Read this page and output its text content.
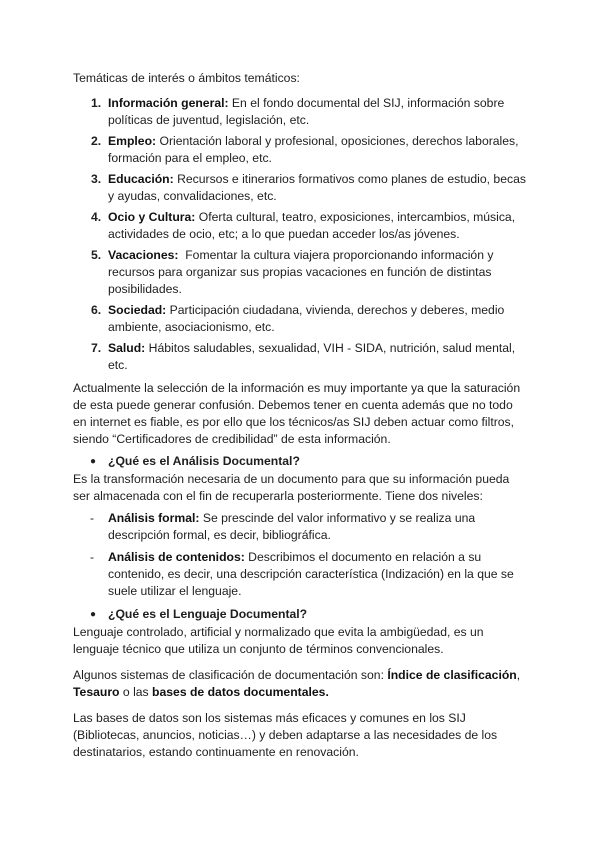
Temáticas de interés o ámbitos temáticos:

1. Información general: En el fondo documental del SIJ, información sobre políticas de juventud, legislación, etc.
2. Empleo: Orientación laboral y profesional, oposiciones, derechos laborales, formación para el empleo, etc.
3. Educación: Recursos e itinerarios formativos como planes de estudio, becas y ayudas, convalidaciones, etc.
4. Ocio y Cultura: Oferta cultural, teatro, exposiciones, intercambios, música, actividades de ocio, etc; a lo que puedan acceder los/as jóvenes.
5. Vacaciones:  Fomentar la cultura viajera proporcionando información y recursos para organizar sus propias vacaciones en función de distintas posibilidades.
6. Sociedad: Participación ciudadana, vivienda, derechos y deberes, medio ambiente, asociacionismo, etc.
7. Salud: Hábitos saludables, sexualidad, VIH - SIDA, nutrición, salud mental, etc.

Actualmente la selección de la información es muy importante ya que la saturación de esta puede generar confusión. Debemos tener en cuenta además que no todo en internet es fiable, es por ello que los técnicos/as SIJ deben actuar como filtros, siendo “Certificadores de credibilidad” de esta información.

● ¿Qué es el Análisis Documental?

Es la transformación necesaria de un documento para que su información pueda ser almacenada con el fin de recuperarla posteriormente. Tiene dos niveles:

-	Análisis formal: Se prescinde del valor informativo y se realiza una descripción formal, es decir, bibliográfica.
-	Análisis de contenidos: Describimos el documento en relación a su contenido, es decir, una descripción característica (Indización) en la que se suele utilizar el lenguaje.
● ¿Qué es el Lenguaje Documental?

Lenguaje controlado, artificial y normalizado que evita la ambigüedad, es un lenguaje técnico que utiliza un conjunto de términos convencionales.

Algunos sistemas de clasificación de documentación son: Índice de clasificación, Tesauro o las bases de datos documentales.

Las bases de datos son los sistemas más eficaces y comunes en los SIJ (Bibliotecas, anuncios, noticias…) y deben adaptarse a las necesidades de los destinatarios, estando continuamente en renovación.
